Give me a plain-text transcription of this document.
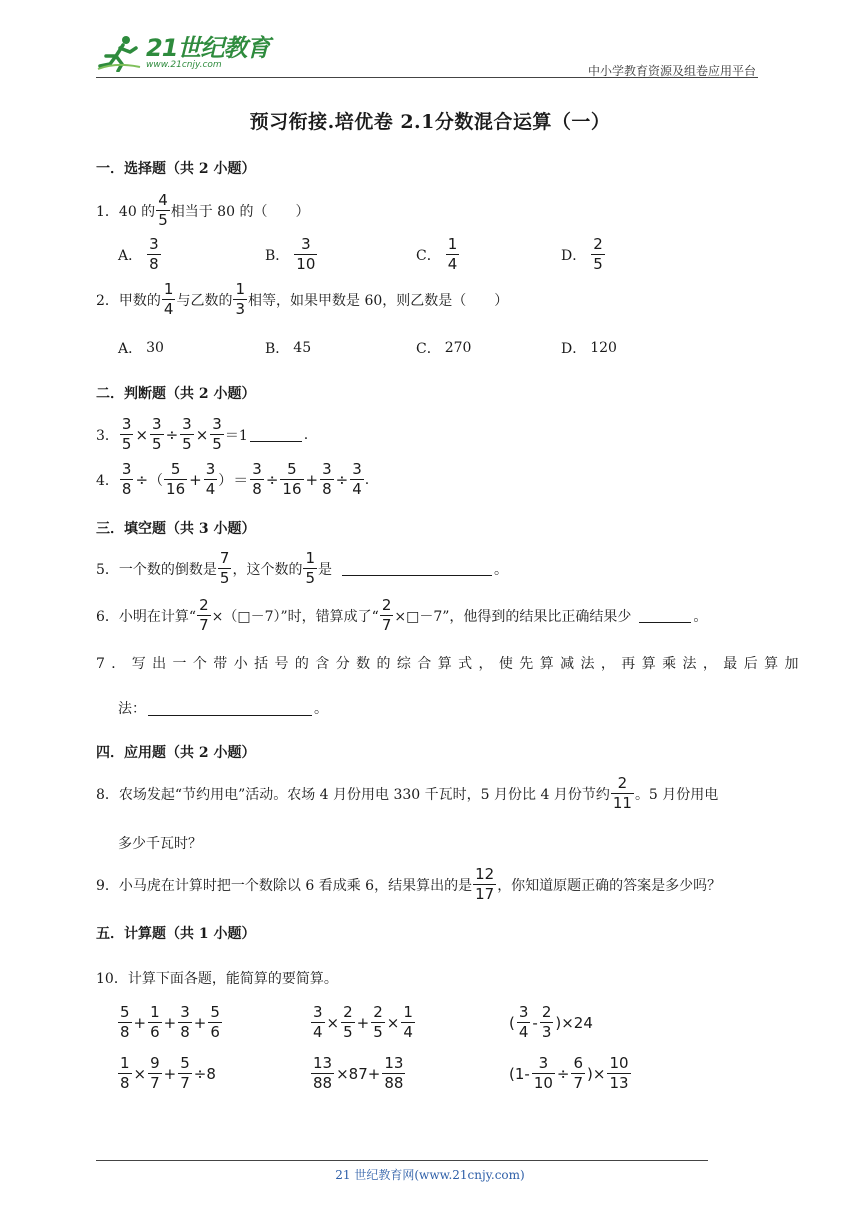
21世纪教育
www.21cnjy.com	中小学教育资源及组卷应用平台
预习衔接.培优卷 2.1分数混合运算（一）
一．选择题（共 2 小题）
1． 40 的 $\frac{4}{5}$ 相当于 80 的（　　）
A． $\frac{3}{8}$	B． $\frac{3}{10}$	C． $\frac{1}{4}$	D． $\frac{2}{5}$
2． 甲数的 $\frac{1}{4}$ 与乙数的 $\frac{1}{3}$ 相等，如果甲数是 60，则乙数是（　　）
A． 30	B． 45	C． 270	D． 120
二．判断题（共 2 小题）
3． $\frac{3}{5} \times \frac{3}{5} \div \frac{3}{5} \times \frac{3}{5} =1$	.
4． $\frac{3}{8}$ ÷ （ $\frac{5}{16} + \frac{3}{4}$ ） ＝ $\frac{3}{8} \div \frac{5}{16} + \frac{3}{8} \div \frac{3}{4}$ .
三．填空题（共 3 小题）
5． 一个数的倒数是 $\frac{7}{5}$ ，这个数的 $\frac{1}{5}$ 是	。
6． 小明在计算“ $\frac{2}{7}$ ×（□－7）”时，错算成了“ $\frac{2}{7}$ ×□－7”，他得到的结果比正确结果少	。
7．写出一个带小括号的含分数的综合算式，使先算减法，再算乘法，最后算加
法：	。
四．应用题（共 2 小题）
8． 农场发起“节约用电”活动。农场 4 月份用电 330 千瓦时，5 月份比 4 月份节约 $\frac{2}{11}$ 。5 月份用电
多少千瓦时？
9． 小马虎在计算时把一个数除以 6 看成乘 6，结果算出的是 $\frac{12}{17}$ ，你知道原题正确的答案是多少吗？
五．计算题（共 1 小题）
10． 计算下面各题，能简算的要简算。
$\frac{5}{8} + \frac{1}{6} + \frac{3}{8} + \frac{5}{6}$	$\frac{3}{4} \times \frac{2}{5} + \frac{2}{5} \times \frac{1}{4}$	( $\frac{3}{4} - \frac{2}{3} )\times 24$
$\frac{1}{8} \times \frac{9}{7} + \frac{5}{7} \div 8$	$\frac{13}{88} \times 87+ \frac{13}{88}$	($1- \frac{3}{10} \div \frac{6}{7}$ )× $\frac{10}{13}$
21 世纪教育网(www.21cnjy.com)
